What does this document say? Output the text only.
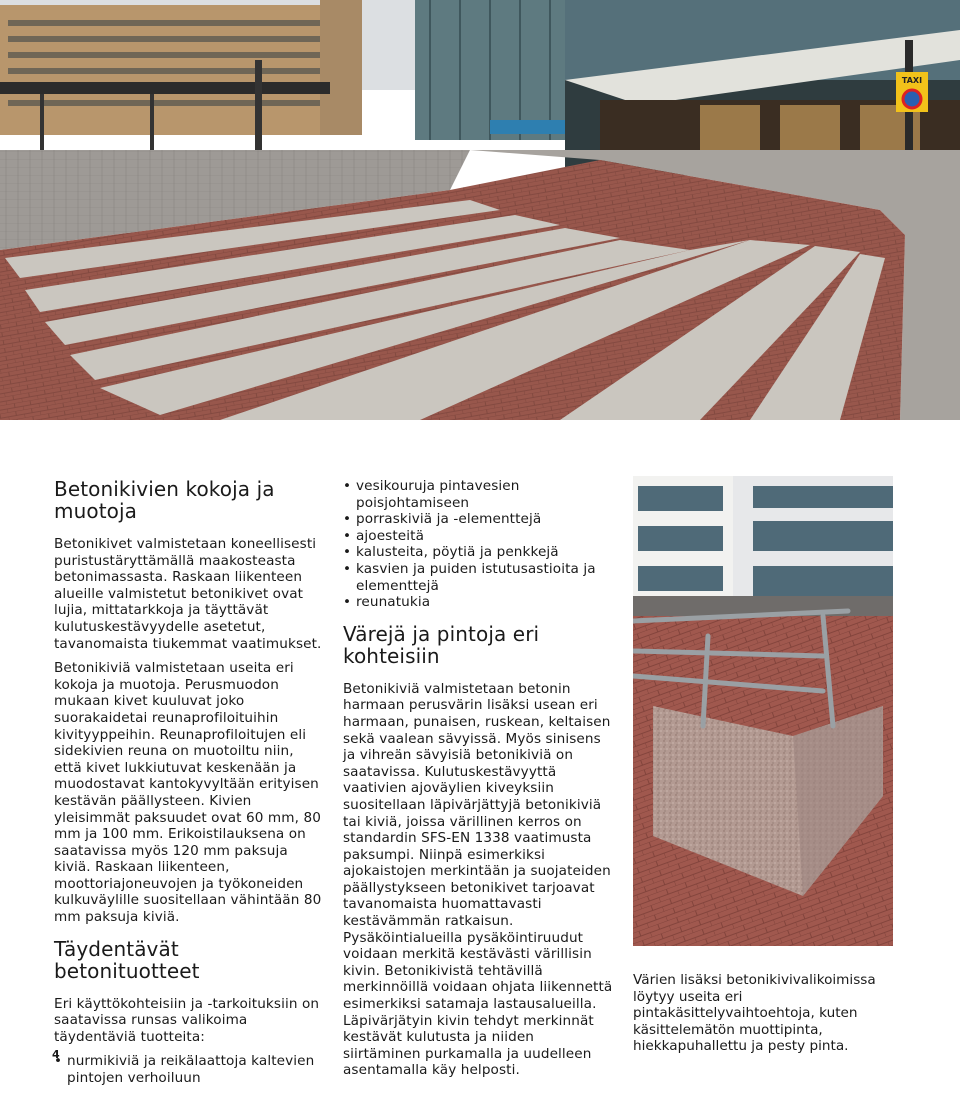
TAXI
Betonikivien kokoja ja muotoja

Betonikivet valmistetaan koneellisesti puristustäryttämällä maakosteasta betonimassasta. Raskaan liikenteen alueille valmistetut betonikivet ovat lujia, mittatarkkoja ja täyttävät kulutuskestävyydelle asetetut, tavanomaista tiukemmat vaatimukset.

Betonikiviä valmistetaan useita eri kokoja ja muotoja. Perusmuodon mukaan kivet kuuluvat joko suorakaidetai reunaprofiloituihin kivityyppeihin. Reunaprofiloitujen eli sidekivien reuna on muotoiltu niin, että kivet lukkiutuvat keskenään ja muodostavat kantokyvyltään erityisen kestävän päällysteen. Kivien yleisimmät paksuudet ovat 60 mm, 80 mm ja 100 mm. Erikoistilauksena on saatavissa myös 120 mm paksuja kiviä. Raskaan liikenteen, moottoriajoneuvojen ja työkoneiden kulkuväylille suositellaan vähintään 80 mm paksuja kiviä.

Täydentävät betonituotteet

Eri käyttökohteisiin ja -tarkoituksiin on saatavissa runsas valikoima täydentäviä tuotteita:

• nurmikiviä ja reikälaattoja kaltevien pintojen verhoiluun
• vesikouruja pintavesien poisjohtamiseen
• porraskiviä ja -elementtejä
• ajoesteitä
• kalusteita, pöytiä ja penkkejä
• kasvien ja puiden istutusastioita ja elementtejä
• reunatukia
Värejä ja pintoja eri kohteisiin

Betonikiviä valmistetaan betonin harmaan perusvärin lisäksi usean eri harmaan, punaisen, ruskean, keltaisen sekä vaalean sävyissä. Myös sinisens ja vihreän sävyisiä betonikiviä on saatavissa. Kulutuskestävyyttä vaativien ajoväylien kiveyksiin suositellaan läpivärjättyjä betonikiviä tai kiviä, joissa värillinen kerros on standardin SFS-EN 1338 vaatimusta paksumpi. Niinpä esimerkiksi ajokaistojen merkintään ja suojateiden päällystykseen betonikivet tarjoavat tavanomaista huomattavasti kestävämmän ratkaisun. Pysäköintialueilla pysäköintiruudut voidaan merkitä kestävästi värillisin kivin. Betonikivistä tehtävillä merkinnöillä voidaan ohjata liikennettä esimerkiksi satamaja lastausalueilla. Läpivärjätyin kivin tehdyt merkinnät kestävät kulutusta ja niiden siirtäminen purkamalla ja uudelleen asentamalla käy helposti.

Värien lisäksi betonikivivalikoimissa löytyy useita eri pintakäsittelyvaihtoehtoja, kuten käsittelemätön muottipinta, hiekkapuhallettu ja pesty pinta.
4
